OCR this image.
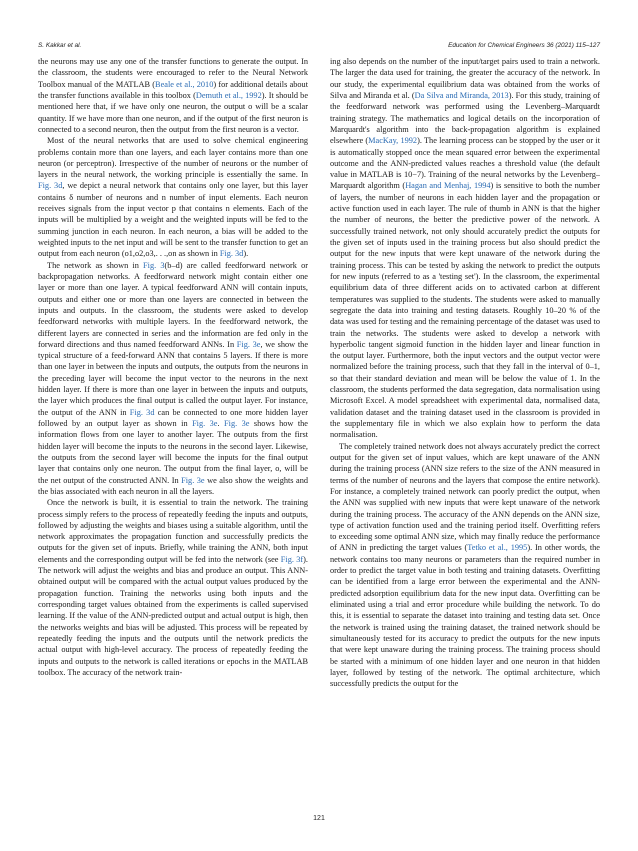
S. Kakkar et al.	Education for Chemical Engineers 36 (2021) 115–127

the neurons may use any one of the transfer functions to generate the output. In the classroom, the students were encouraged to refer to the Neural Network Toolbox manual of the MATLAB (Beale et al., 2010) for additional details about the transfer functions available in this toolbox (Demuth et al., 1992). It should be mentioned here that, if we have only one neuron, the output o will be a scalar quantity. If we have more than one neuron, and if the output of the first neuron is connected to a second neuron, then the output from the first neuron is a vector.

Most of the neural networks that are used to solve chemical engineering problems contain more than one layers, and each layer contains more than one neuron (or perceptron). Irrespective of the number of neurons or the number of layers in the neural network, the working principle is essentially the same. In Fig. 3d, we depict a neural network that contains only one layer, but this layer contains δ number of neurons and n number of input elements. Each neuron receives signals from the input vector p that contains n elements. Each of the inputs will be multiplied by a weight and the weighted inputs will be fed to the summing junction in each neuron. In each neuron, a bias will be added to the weighted inputs to the net input and will be sent to the transfer function to get an output from each neuron (o1,o2,o3,. . .,on as shown in Fig. 3d).

The network as shown in Fig. 3(b–d) are called feedforward network or backpropagation networks. A feedforward network might contain either one layer or more than one layer. A typical feedforward ANN will contain inputs, outputs and either one or more than one layers are connected in between the inputs and outputs. In the classroom, the students were asked to develop feedforward networks with multiple layers. In the feedforward network, the different layers are connected in series and the information are fed only in the forward directions and thus named feedforward ANNs. In Fig. 3e, we show the typical structure of a feed-forward ANN that contains 5 layers. If there is more than one layer in between the inputs and outputs, the outputs from the neurons in the preceding layer will become the input vector to the neurons in the next hidden layer. If there is more than one layer in between the inputs and outputs, the layer which produces the final output is called the output layer. For instance, the output of the ANN in Fig. 3d can be connected to one more hidden layer followed by an output layer as shown in Fig. 3e. Fig. 3e shows how the information flows from one layer to another layer. The outputs from the first hidden layer will become the inputs to the neurons in the second layer. Likewise, the outputs from the second layer will become the inputs for the final output layer that contains only one neuron. The output from the final layer, o, will be the net output of the constructed ANN. In Fig. 3e we also show the weights and the bias associated with each neuron in all the layers.

Once the network is built, it is essential to train the network. The training process simply refers to the process of repeatedly feeding the inputs and outputs, followed by adjusting the weights and biases using a suitable algorithm, until the network approximates the propagation function and successfully predicts the outputs for the given set of inputs. Briefly, while training the ANN, both input elements and the corresponding output will be fed into the network (see Fig. 3f). The network will adjust the weights and bias and produce an output. This ANN-obtained output will be compared with the actual output values produced by the propagation function. Training the networks using both inputs and the corresponding target values obtained from the experiments is called supervised learning. If the value of the ANN-predicted output and actual output is high, then the networks weights and bias will be adjusted. This process will be repeated by repeatedly feeding the inputs and the outputs until the network predicts the actual output with high-level accuracy. The process of repeatedly feeding the inputs and outputs to the network is called iterations or epochs in the MATLAB toolbox. The accuracy of the network train-

ing also depends on the number of the input/target pairs used to train a network. The larger the data used for training, the greater the accuracy of the network. In our study, the experimental equilibrium data was obtained from the works of Silva and Miranda et al. (Da Silva and Miranda, 2013). For this study, training of the feedforward network was performed using the Levenberg–Marquardt training strategy. The mathematics and logical details on the incorporation of Marquardt's algorithm into the back-propagation algorithm is explained elsewhere (MacKay, 1992). The learning process can be stopped by the user or it is automatically stopped once the mean squared error between the experimental outcome and the ANN-predicted values reaches a threshold value (the default value in MATLAB is 10−7). Training of the neural networks by the Levenberg–Marquardt algorithm (Hagan and Menhaj, 1994) is sensitive to both the number of layers, the number of neurons in each hidden layer and the propagation or active function used in each layer. The rule of thumb in ANN is that the higher the number of neurons, the better the predictive power of the network. A successfully trained network, not only should accurately predict the outputs for the given set of inputs used in the training process but also should predict the output for the new inputs that were kept unaware of the network during the training process. This can be tested by asking the network to predict the outputs for new inputs (referred to as a 'testing set'). In the classroom, the experimental equilibrium data of three different acids on to activated carbon at different temperatures was supplied to the students. The students were asked to manually segregate the data into training and testing datasets. Roughly 10–20 % of the data was used for testing and the remaining percentage of the dataset was used to train the networks. The students were asked to develop a network with hyperbolic tangent sigmoid function in the hidden layer and linear function in the output layer. Furthermore, both the input vectors and the output vector were normalized before the training process, such that they fall in the interval of 0–1, so that their standard deviation and mean will be below the value of 1. In the classroom, the students performed the data segregation, data normalisation using Microsoft Excel. A model spreadsheet with experimental data, normalised data, validation dataset and the training dataset used in the classroom is provided in the supplementary file in which we also explain how to perform the data normalisation.

The completely trained network does not always accurately predict the correct output for the given set of input values, which are kept unaware of the ANN during the training process (ANN size refers to the size of the ANN measured in terms of the number of neurons and the layers that compose the entire network). For instance, a completely trained network can poorly predict the output, when the ANN was supplied with new inputs that were kept unaware of the network during the training process. The accuracy of the ANN depends on the ANN size, type of activation function used and the training period itself. Overfitting refers to exceeding some optimal ANN size, which may finally reduce the performance of ANN in predicting the target values (Tetko et al., 1995). In other words, the network contains too many neurons or parameters than the required number in order to predict the target value in both testing and training datasets. Overfitting can be identified from a large error between the experimental and the ANN-predicted adsorption equilibrium data for the new input data. Overfitting can be eliminated using a trial and error procedure while building the network. To do this, it is essential to separate the dataset into training and testing data set. Once the network is trained using the training dataset, the trained network should be simultaneously tested for its accuracy to predict the outputs for the new inputs that were kept unaware during the training process. The training process should be started with a minimum of one hidden layer and one neuron in that hidden layer, followed by testing of the network. The optimal architecture, which successfully predicts the output for the

121
